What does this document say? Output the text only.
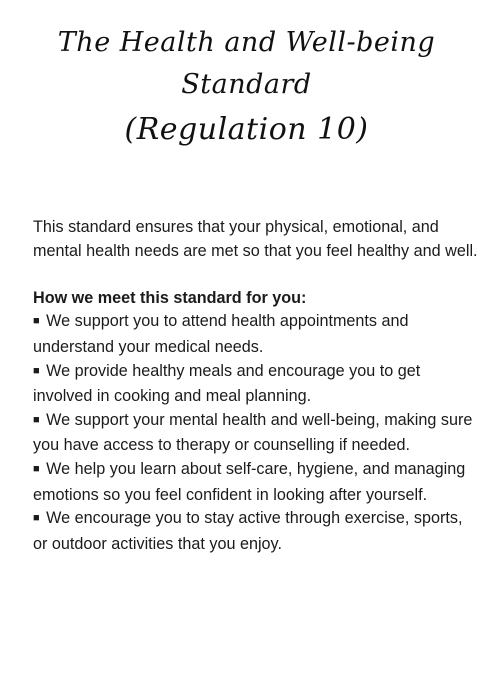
The Health and Well-being
Standard
(Regulation 10)

This standard ensures that your physical, emotional, and mental health needs are met so that you feel healthy and well.

How we meet this standard for you:

■ We support you to attend health appointments and understand your medical needs.
■ We provide healthy meals and encourage you to get involved in cooking and meal planning.
■ We support your mental health and well-being, making sure you have access to therapy or counselling if needed.
■ We help you learn about self-care, hygiene, and managing emotions so you feel confident in looking after yourself.
■ We encourage you to stay active through exercise, sports, or outdoor activities that you enjoy.
